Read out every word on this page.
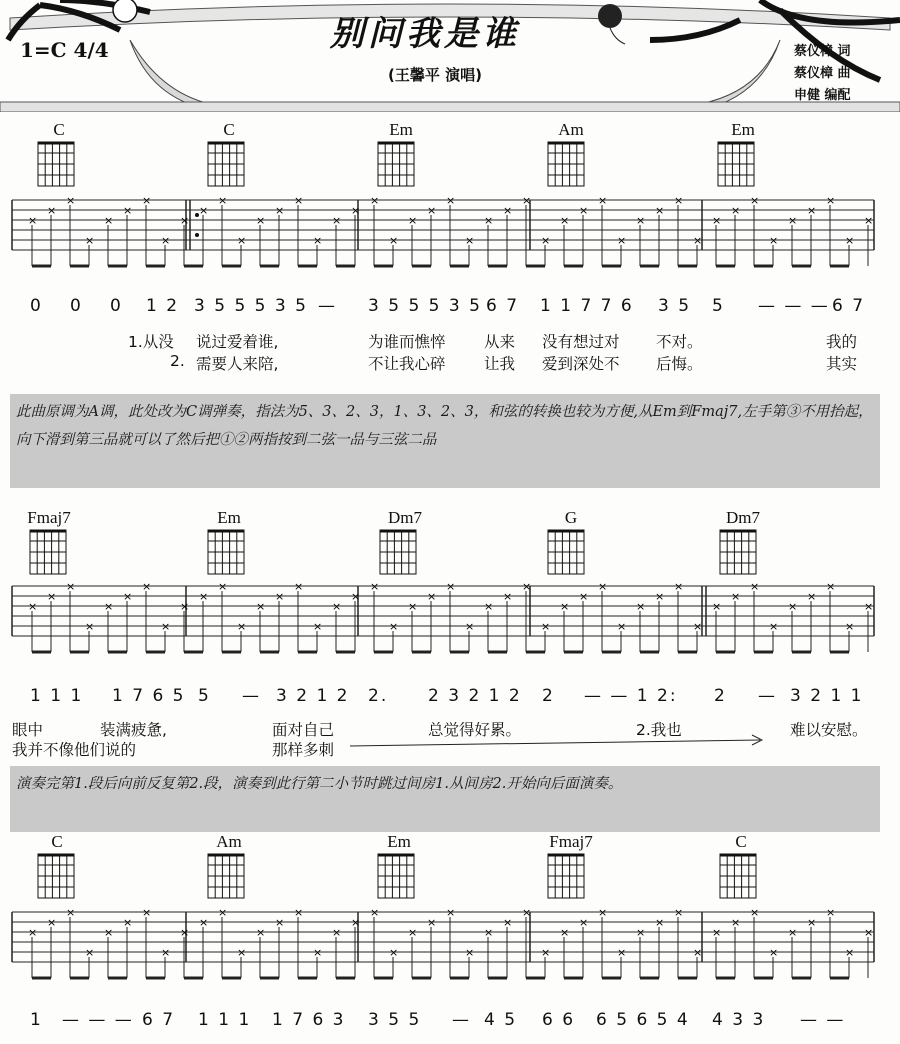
别问我是谁
(王馨平 演唱)
1=C 4/4	蔡仪樟 词
蔡仪樟 曲
申健 编配
C	C	Em	Am	Em
×
×
×
×
×
×
×
×
×
×
×
×
×
×
×
×
×
×
×
×
×
×
×
×
×
×
×
×
×
×
×
×
×
×
×
×
×
×
×
×
×
×
×
×
×
×
×
×
×
×
×
×
×
×
×
×
×
×
×
×
×
×
×
×
×
×
×
×
×
×
×
×
×
×
×
×
×
×
×
×
×
×
×
×
×
×
×
×
×
×
×
×
×
×
×
×
×
×
×
×
×
×
×
×
×
×
×
×
×
×
×
×
×
×
×
×
×
×
×
×
×
×
×
×
×
×
×
×
×
×
×
×
×
×
×
0 0 0 1 2 3 5 5 5 3 5 — 3 5 5 5 3 5 6 7 1 1 7 7 6 3 5 5 — — — 6 7
1.从没 说过爱着谁,	为谁而憔悴 从来 没有想过对 不对。	我的
2. 需要人来陪,	不让我心碎 让我 爱到深处不 后悔。	其实
此曲原调为A调，此处改为C调弹奏，指法为5、3、2、3，1、3、2、3，和弦的转换也较为方便,从Em到Fmaj7,左手第③不用抬起，向下滑到第三品就可以了然后把①②两指按到二弦一品与三弦二品
Fmaj7	Em	Dm7	G	Dm7
1 1 1 1 7 6 5 5 — 3 2 1 2 2. 2 3 2 1 2 2 — — 1 2: 2 — 3 2 1 1
眼中	装满疲惫,	面对自己	总觉得好累。	2.我也	难以安慰。
我并不像他们说的	那样多刺
演奏完第1.段后向前反复第2.段，演奏到此行第二小节时跳过间房1.从间房2.开始向后面演奏。
C	Am	Em	Fmaj7	C
1 — — — 6 7 1 1 1 1 7 6 3 3 5 5 — 4 5 6 6 6 5 6 5 4 4 3 3 — —
